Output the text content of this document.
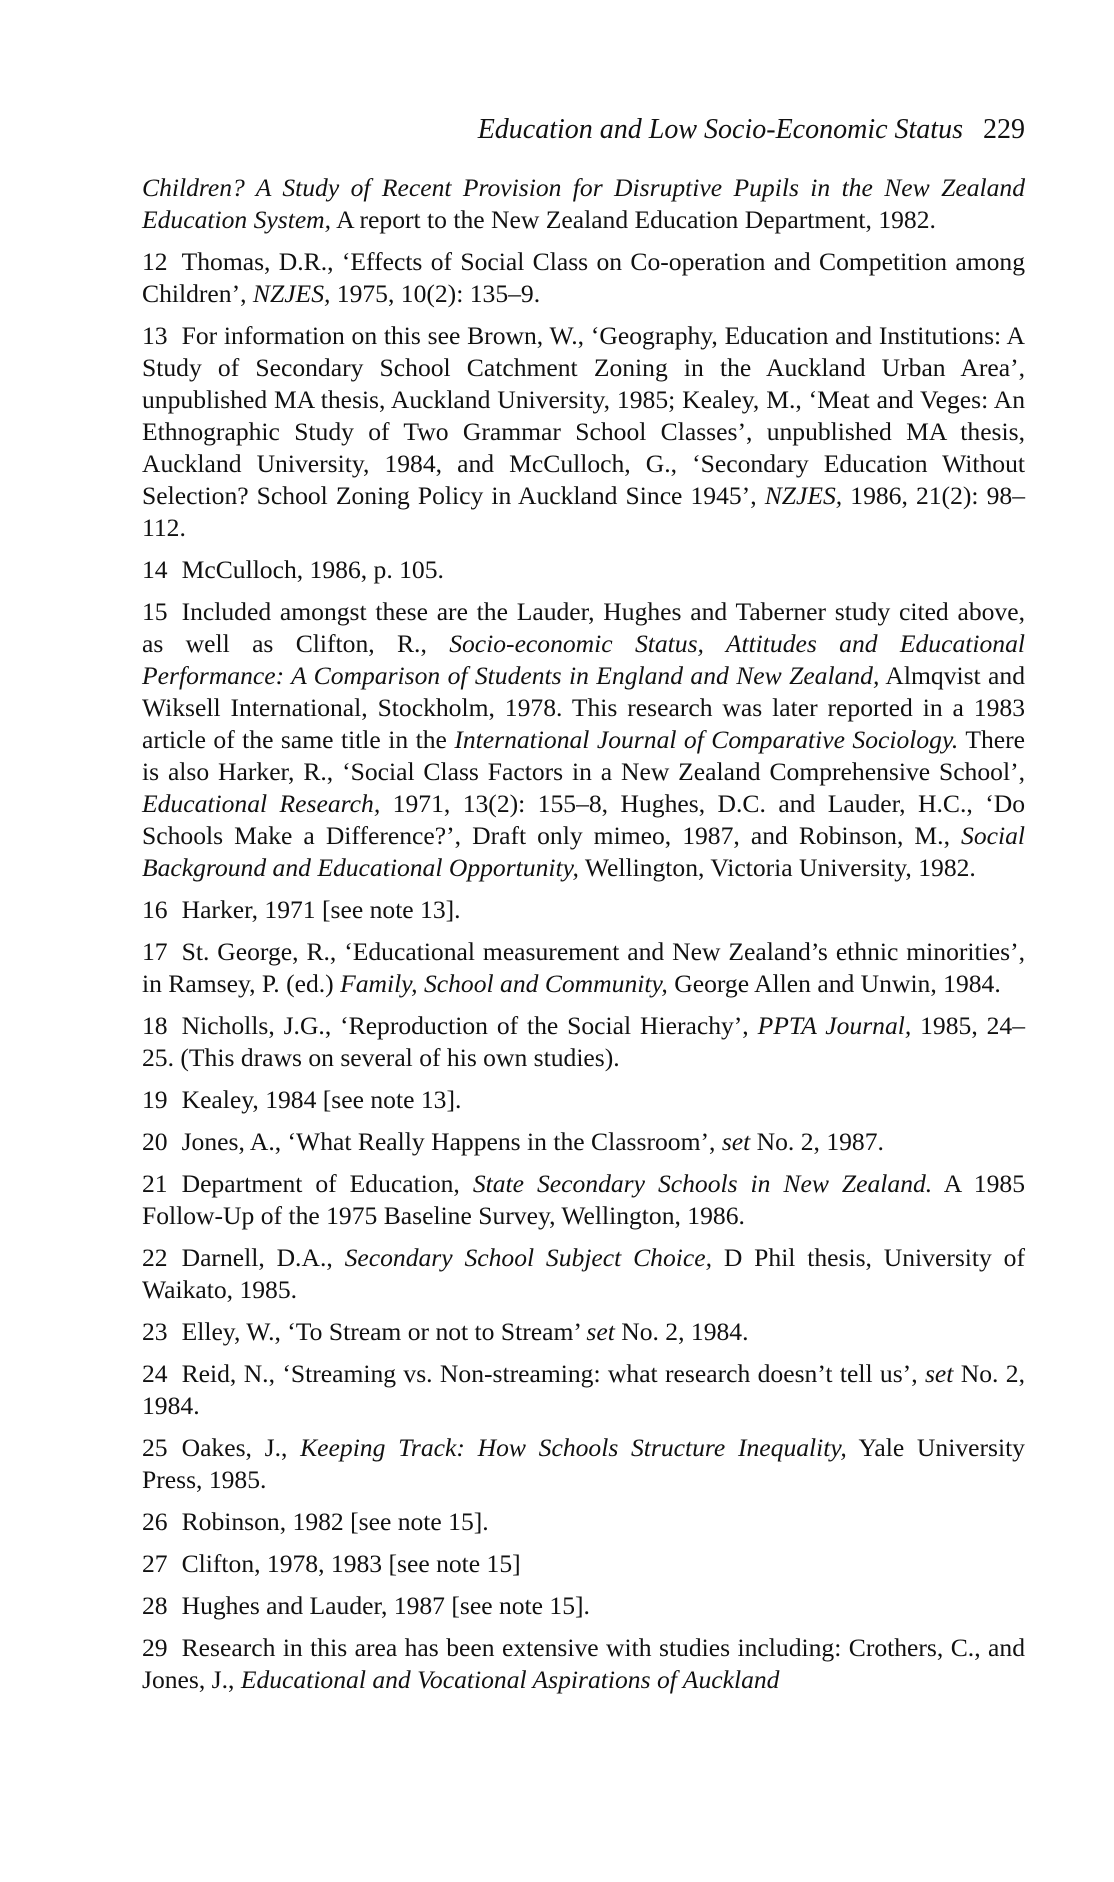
Education and Low Socio-Economic Status 229

Children? A Study of Recent Provision for Disruptive Pupils in the New Zealand Education System, A report to the New Zealand Education Department, 1982.

12 Thomas, D.R., ‘Effects of Social Class on Co-operation and Competition among Children’, NZJES, 1975, 10(2): 135–9.

13 For information on this see Brown, W., ‘Geography, Education and Institutions: A Study of Secondary School Catchment Zoning in the Auckland Urban Area’, unpublished MA thesis, Auckland University, 1985; Kealey, M., ‘Meat and Veges: An Ethnographic Study of Two Grammar School Classes’, unpublished MA thesis, Auckland University, 1984, and McCulloch, G., ‘Secondary Education Without Selection? School Zoning Policy in Auckland Since 1945’, NZJES, 1986, 21(2): 98–112.

14 McCulloch, 1986, p. 105.

15 Included amongst these are the Lauder, Hughes and Taberner study cited above, as well as Clifton, R., Socio-economic Status, Attitudes and Educational Performance: A Comparison of Students in England and New Zealand, Almqvist and Wiksell International, Stockholm, 1978. This research was later reported in a 1983 article of the same title in the International Journal of Comparative Sociology. There is also Harker, R., ‘Social Class Factors in a New Zealand Comprehensive School’, Educational Research, 1971, 13(2): 155–8, Hughes, D.C. and Lauder, H.C., ‘Do Schools Make a Difference?’, Draft only mimeo, 1987, and Robinson, M., Social Background and Educational Opportunity, Wellington, Victoria University, 1982.

16 Harker, 1971 [see note 13].

17 St. George, R., ‘Educational measurement and New Zealand’s ethnic minorities’, in Ramsey, P. (ed.) Family, School and Community, George Allen and Unwin, 1984.

18 Nicholls, J.G., ‘Reproduction of the Social Hierachy’, PPTA Journal, 1985, 24–25. (This draws on several of his own studies).

19 Kealey, 1984 [see note 13].

20 Jones, A., ‘What Really Happens in the Classroom’, set No. 2, 1987.

21 Department of Education, State Secondary Schools in New Zealand. A 1985 Follow-Up of the 1975 Baseline Survey, Wellington, 1986.

22 Darnell, D.A., Secondary School Subject Choice, D Phil thesis, University of Waikato, 1985.

23 Elley, W., ‘To Stream or not to Stream’ set No. 2, 1984.

24 Reid, N., ‘Streaming vs. Non-streaming: what research doesn’t tell us’, set No. 2, 1984.

25 Oakes, J., Keeping Track: How Schools Structure Inequality, Yale University Press, 1985.

26 Robinson, 1982 [see note 15].

27 Clifton, 1978, 1983 [see note 15]

28 Hughes and Lauder, 1987 [see note 15].

29 Research in this area has been extensive with studies including: Crothers, C., and Jones, J., Educational and Vocational Aspirations of Auckland
